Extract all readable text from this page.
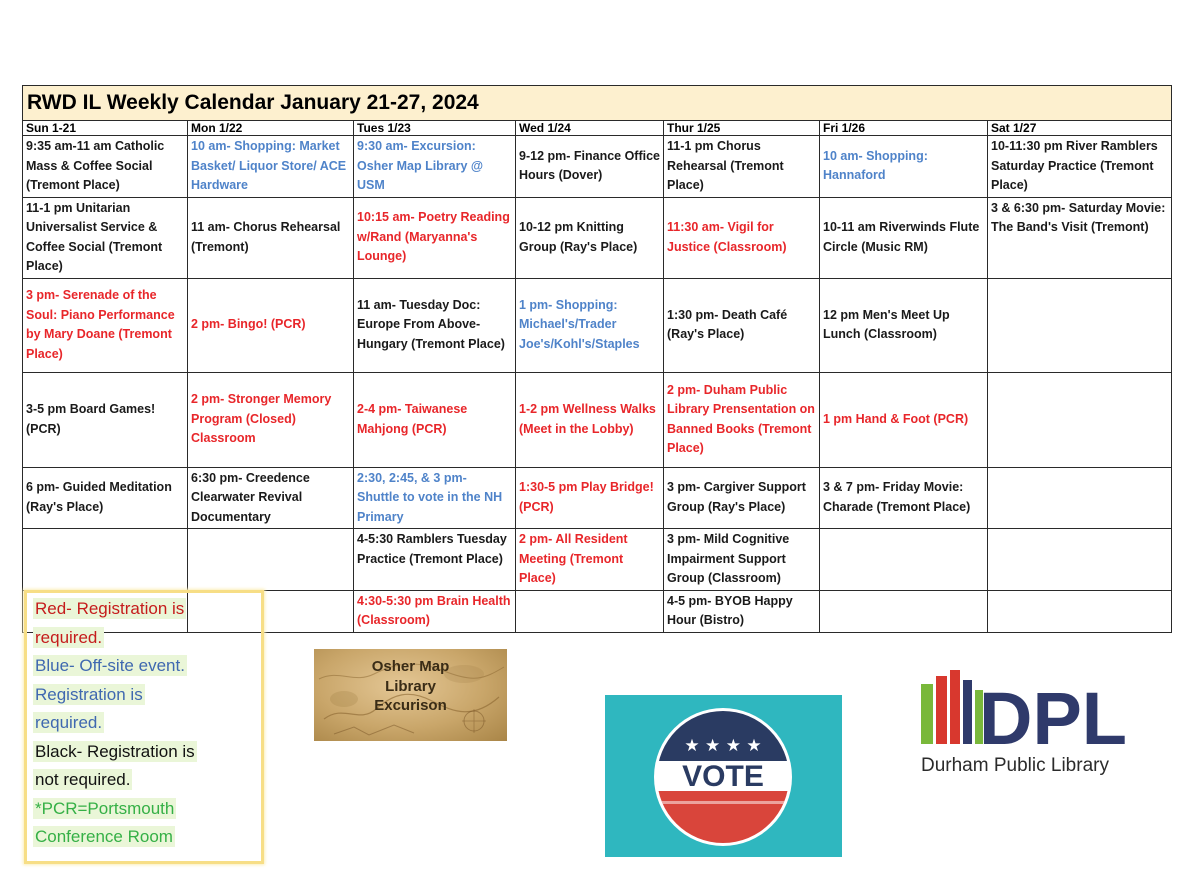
RWD IL Weekly Calendar January 21-27, 2024						
Sun 1-21	Mon 1/22	Tues 1/23	Wed 1/24	Thur 1/25	Fri 1/26	Sat 1/27
9:35 am-11 am Catholic Mass & Coffee Social (Tremont Place)	10 am- Shopping: Market Basket/ Liquor Store/ ACE Hardware	9:30 am- Excursion: Osher Map Library @ USM	9-12 pm- Finance Office Hours (Dover)	11-1 pm Chorus Rehearsal (Tremont Place)	10 am- Shopping: Hannaford	10-11:30 pm River Ramblers Saturday Practice (Tremont Place)
11-1 pm Unitarian Universalist Service & Coffee Social (Tremont Place)	11 am- Chorus Rehearsal (Tremont)	10:15 am- Poetry Reading w/Rand (Maryanna's Lounge)	10-12 pm Knitting Group (Ray's Place)	11:30 am- Vigil for Justice (Classroom)	10-11 am Riverwinds Flute Circle (Music RM)	3 & 6:30 pm- Saturday Movie: The Band's Visit (Tremont)
3 pm- Serenade of the Soul: Piano Performance by Mary Doane (Tremont Place)	2 pm- Bingo! (PCR)	11 am- Tuesday Doc: Europe From Above- Hungary (Tremont Place)	1 pm- Shopping: Michael's/Trader Joe's/Kohl's/Staples	1:30 pm- Death Café (Ray's Place)	12 pm Men's Meet Up Lunch (Classroom)	
3-5 pm Board Games! (PCR)	2 pm- Stronger Memory Program (Closed) Classroom	2-4 pm- Taiwanese Mahjong (PCR)	1-2 pm Wellness Walks (Meet in the Lobby)	2 pm- Duham Public Library Prensentation on Banned Books (Tremont Place)	1 pm Hand & Foot (PCR)	
6 pm- Guided Meditation (Ray's Place)	6:30 pm- Creedence Clearwater Revival Documentary	2:30, 2:45, & 3 pm- Shuttle to vote in the NH Primary	1:30-5 pm Play Bridge! (PCR)	3 pm- Cargiver Support Group (Ray's Place)	3 & 7 pm- Friday Movie: Charade (Tremont Place)	
		4-5:30 Ramblers Tuesday Practice (Tremont Place)	2 pm- All Resident Meeting (Tremont Place)	3 pm- Mild Cognitive Impairment Support Group (Classroom)		
		4:30-5:30 pm Brain Health (Classroom)		4-5 pm- BYOB Happy Hour (Bistro)		
Red- Registration is
required.
Blue- Off-site event.
Registration is
required.
Black- Registration is
not required.
*PCR=Portsmouth
Conference Room
Osher Map
Library
Excurison
★ ★ ★ ★
VOTE
DPL
Durham Public Library
